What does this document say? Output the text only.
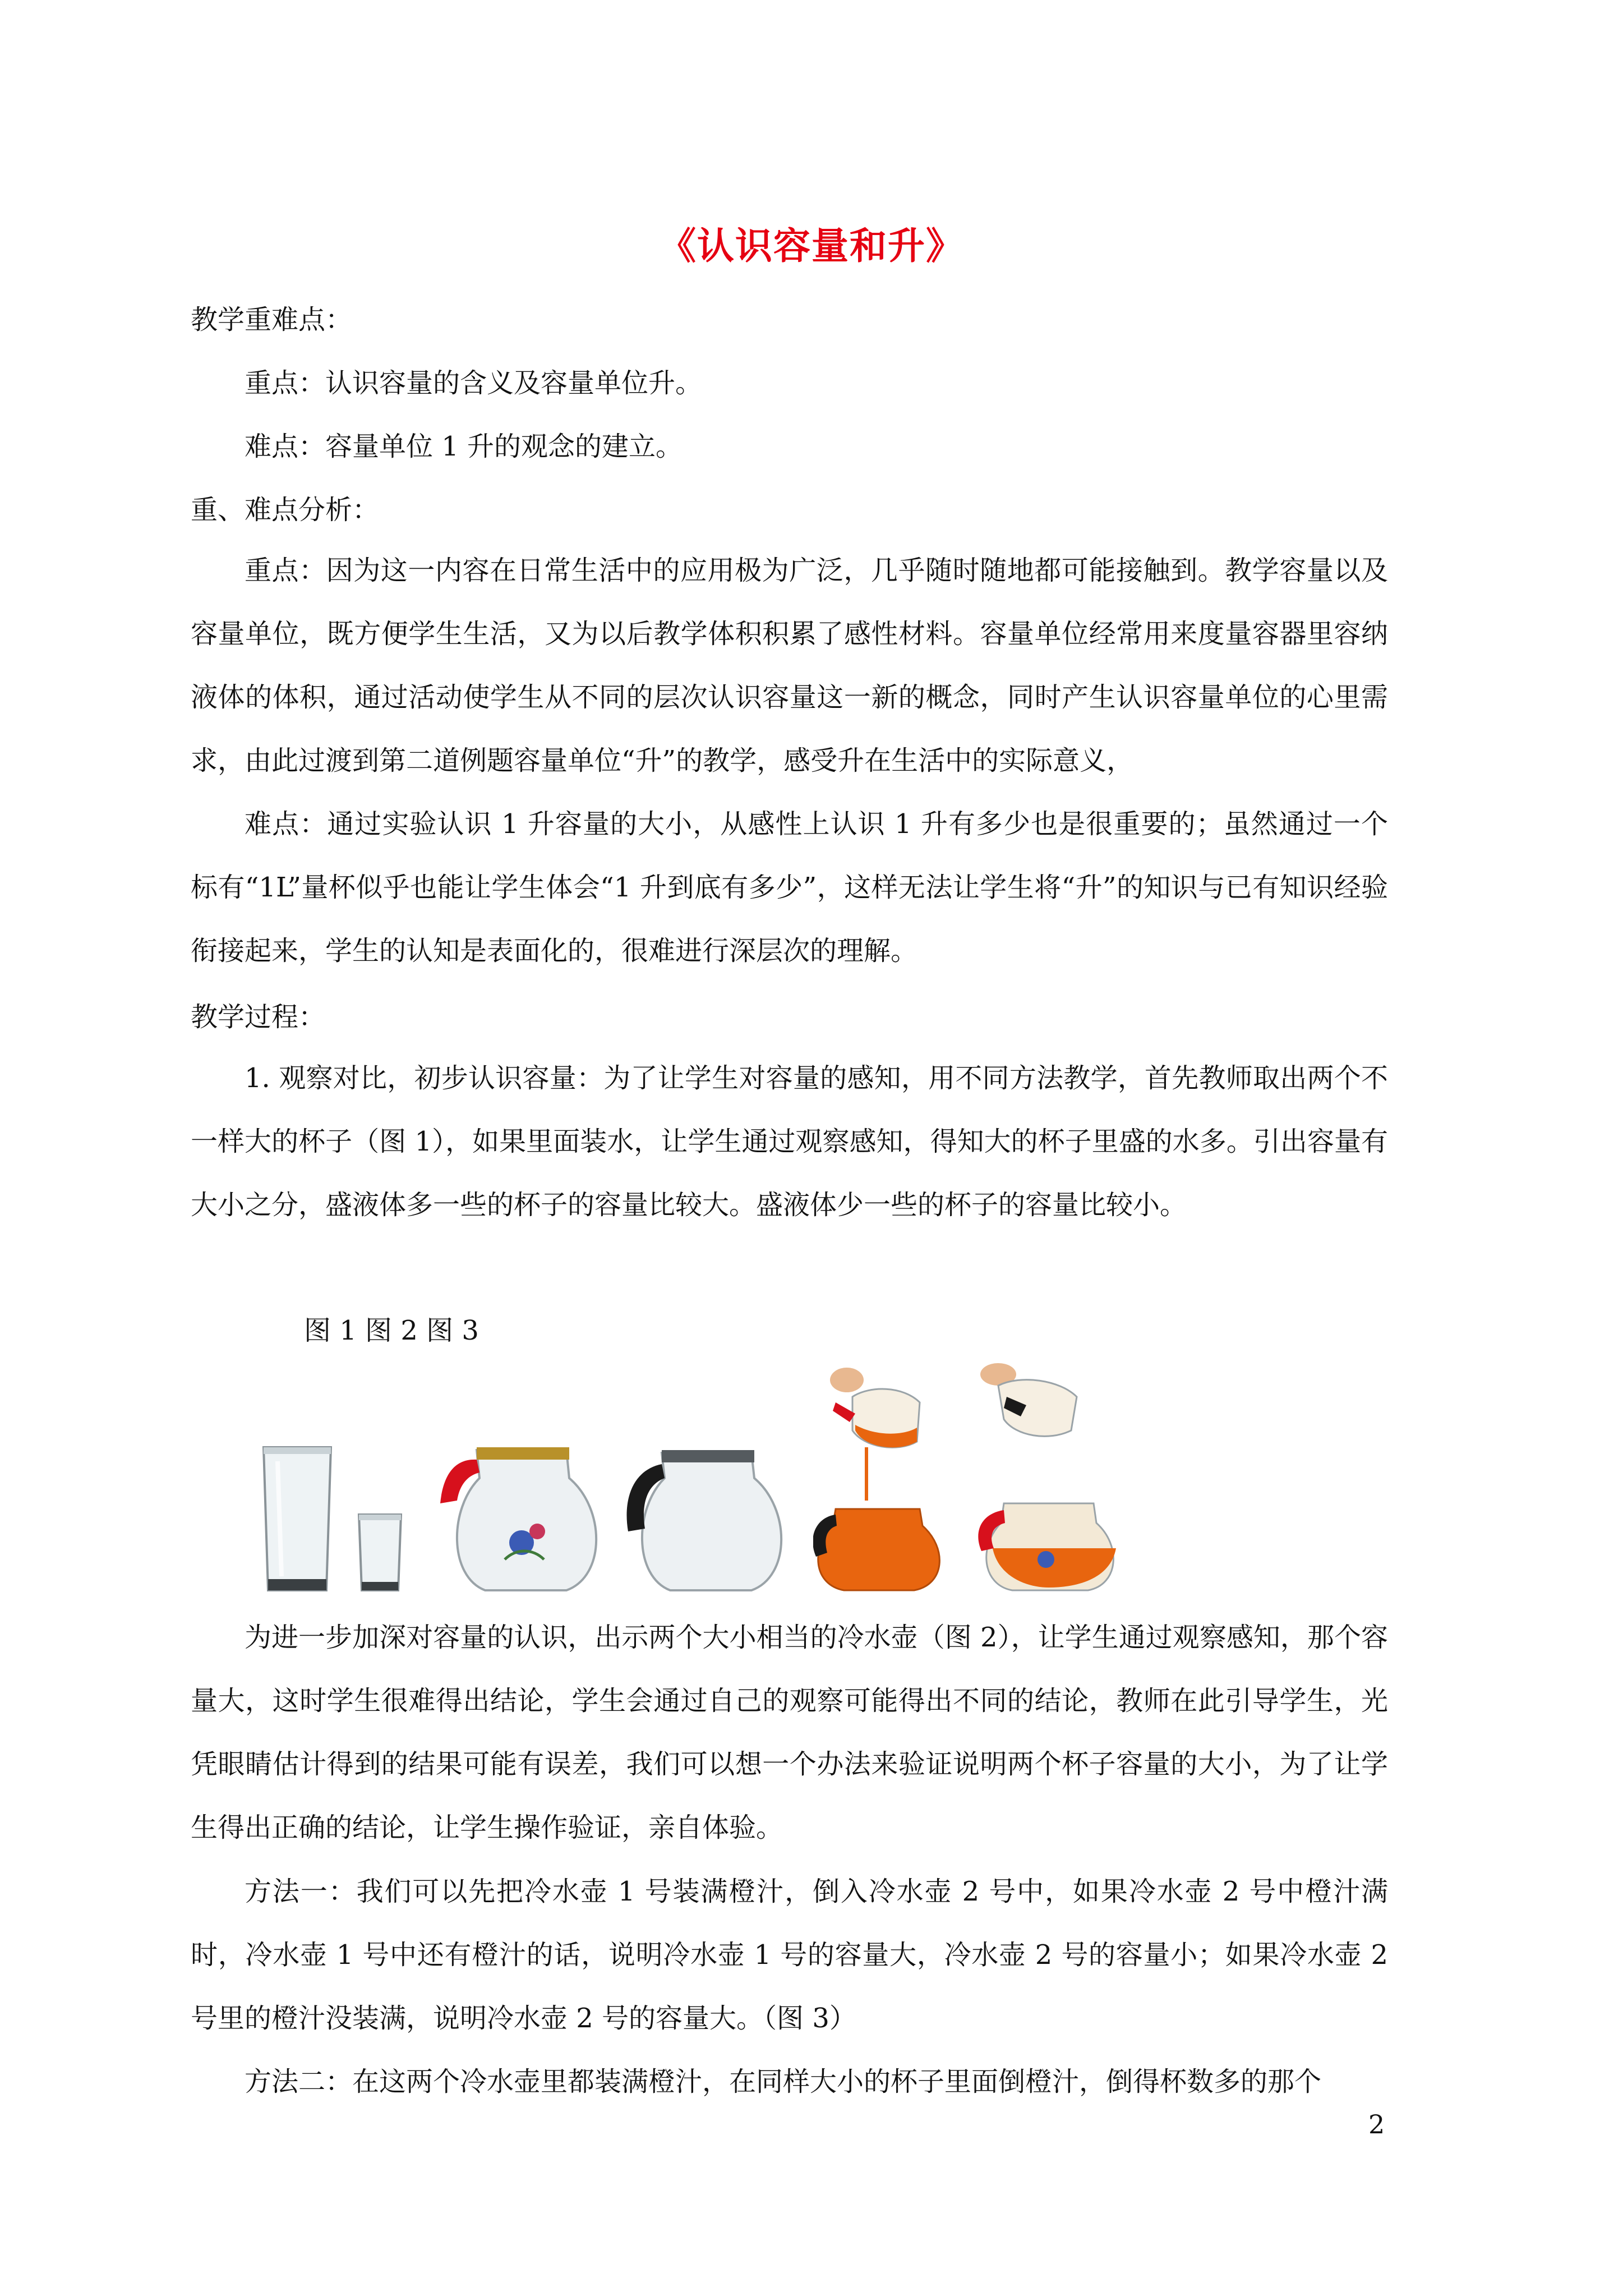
《认识容量和升》
教学重难点：
重点：认识容量的含义及容量单位升。
难点：容量单位 1 升的观念的建立。
重、难点分析：
重点：因为这一内容在日常生活中的应用极为广泛，几乎随时随地都可能接触到。教学容量以及容量单位，既方便学生生活，又为以后教学体积积累了感性材料。容量单位经常用来度量容器里容纳液体的体积，通过活动使学生从不同的层次认识容量这一新的概念，同时产生认识容量单位的心里需求，由此过渡到第二道例题容量单位“升”的教学，感受升在生活中的实际意义，
难点：通过实验认识 1 升容量的大小，从感性上认识 1 升有多少也是很重要的；虽然通过一个标有“1L”量杯似乎也能让学生体会“1 升到底有多少”，这样无法让学生将“升”的知识与已有知识经验衔接起来，学生的认知是表面化的，很难进行深层次的理解。
教学过程：
1. 观察对比，初步认识容量：为了让学生对容量的感知，用不同方法教学，首先教师取出两个不一样大的杯子（图 1），如果里面装水，让学生通过观察感知，得知大的杯子里盛的水多。引出容量有大小之分，盛液体多一些的杯子的容量比较大。盛液体少一些的杯子的容量比较小。
图 1 图 2 图 3
为进一步加深对容量的认识，出示两个大小相当的冷水壶（图 2），让学生通过观察感知，那个容量大，这时学生很难得出结论，学生会通过自己的观察可能得出不同的结论，教师在此引导学生，光凭眼睛估计得到的结果可能有误差，我们可以想一个办法来验证说明两个杯子容量的大小，为了让学生得出正确的结论，让学生操作验证，亲自体验。
方法一：我们可以先把冷水壶 1 号装满橙汁，倒入冷水壶 2 号中，如果冷水壶 2 号中橙汁满时，冷水壶 1 号中还有橙汁的话，说明冷水壶 1 号的容量大，冷水壶 2 号的容量小；如果冷水壶 2 号里的橙汁没装满，说明冷水壶 2 号的容量大。（图 3）
方法二：在这两个冷水壶里都装满橙汁，在同样大小的杯子里面倒橙汁，倒得杯数多的那个
2
